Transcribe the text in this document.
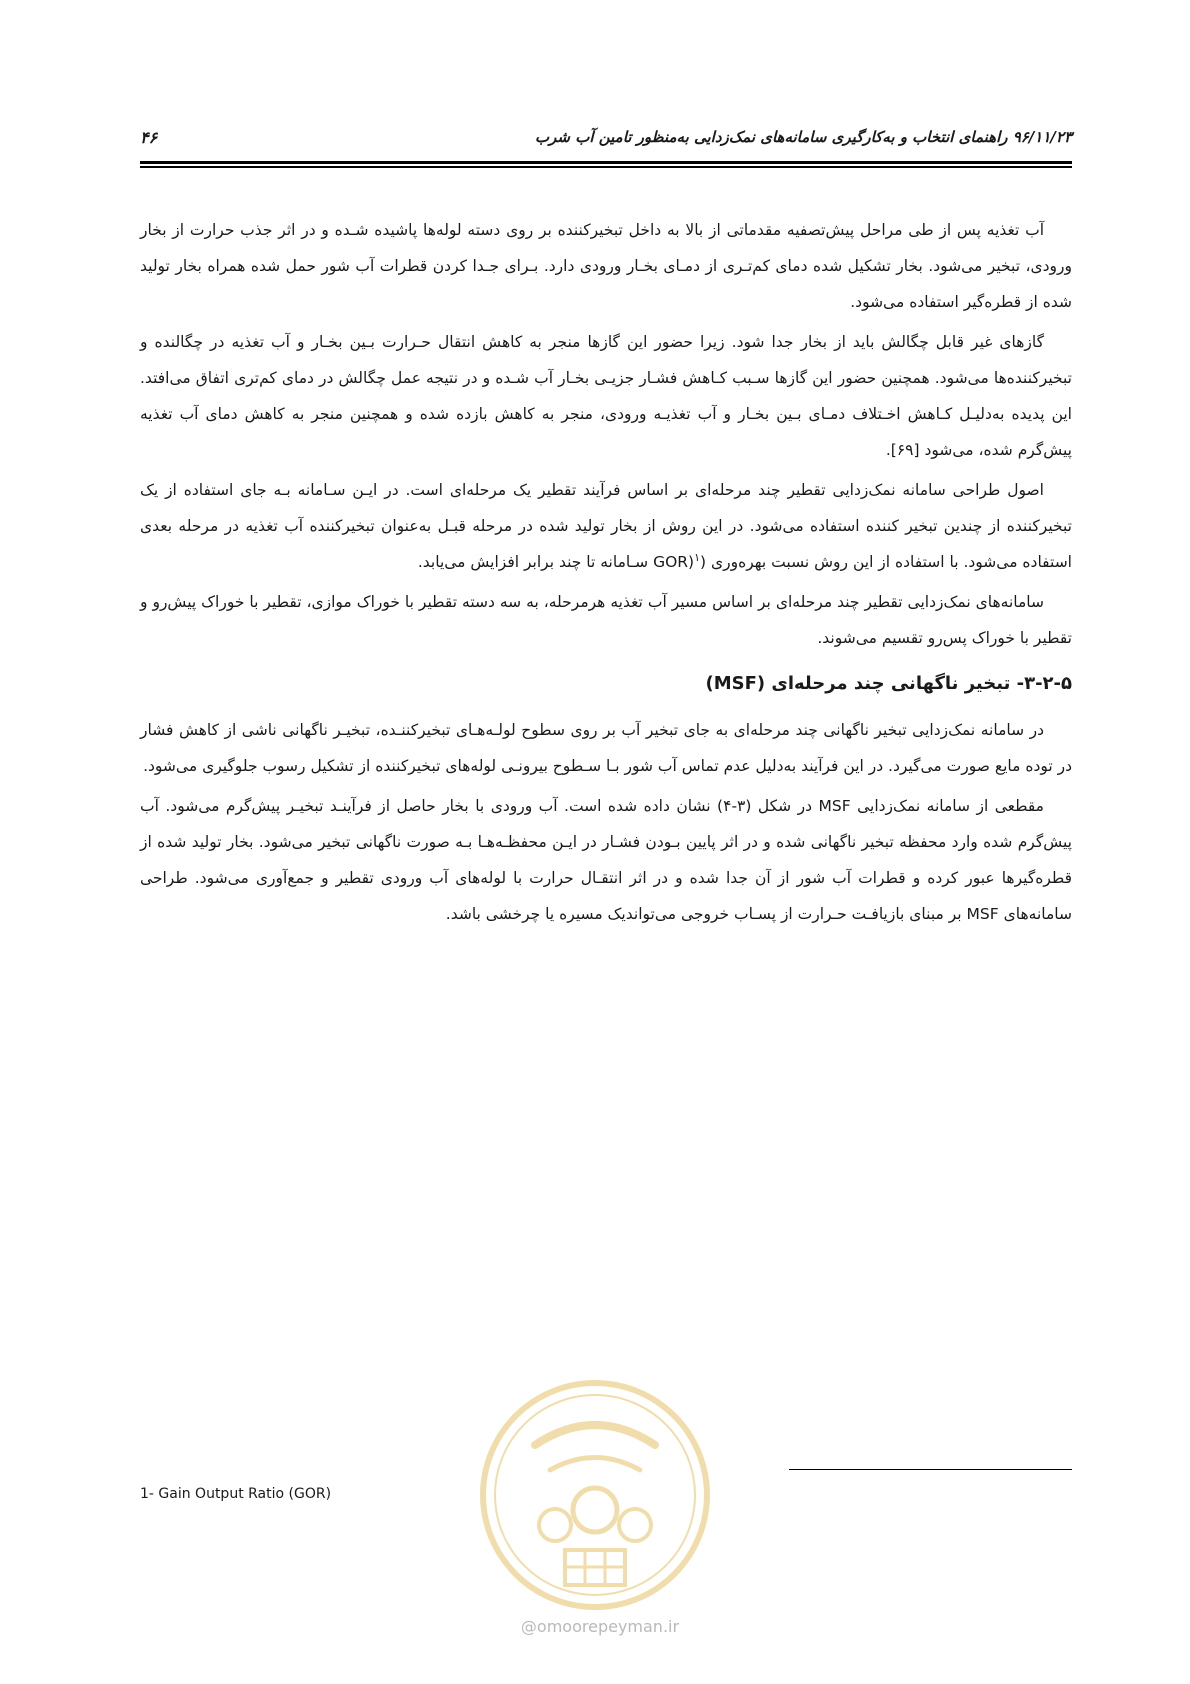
۴۶	۹۶/۱۱/۲۳ راهنمای انتخاب و به‌کارگیری سامانه‌های نمک‌زدایی به‌منظور تامین آب شرب

آب تغذیه پس از طی مراحل پیش‌تصفیه مقدماتی از بالا به داخل تبخیرکننده بر روی دسته لوله‌ها پاشیده شـده و در اثر جذب حرارت از بخار ورودی، تبخیر می‌شود. بخار تشکیل شده دمای کم‌تـری از دمـای بخـار ورودی دارد. بـرای جـدا کردن قطرات آب شور حمل شده همراه بخار تولید شده از قطره‌گیر استفاده می‌شود.

گازهای غیر قابل چگالش باید از بخار جدا شود. زیرا حضور این گازها منجر به کاهش انتقال حـرارت بـین بخـار و آب تغذیه در چگالنده و تبخیرکننده‌ها می‌شود. همچنین حضور این گازها سـبب کـاهش فشـار جزیـی بخـار آب شـده و در نتیجه عمل چگالش در دمای کم‌تری اتفاق می‌افتد. این پدیده به‌دلیـل کـاهش اخـتلاف دمـای بـین بخـار و آب تغذیـه ورودی، منجر به کاهش بازده شده و همچنین منجر به کاهش دمای آب تغذیه پیش‌گرم شده، می‌شود [۶۹].

اصول طراحی سامانه نمک‌زدایی تقطیر چند مرحله‌ای بر اساس فرآیند تقطیر یک مرحله‌ای است. در ایـن سـامانه بـه جای استفاده از یک تبخیرکننده از چندین تبخیر کننده استفاده می‌شود. در این روش از بخار تولید شده در مرحله قبـل به‌عنوان تبخیرکننده آب تغذیه در مرحله بعدی استفاده می‌شود. با استفاده از این روش نسبت بهره‌وری (GOR)$^۱$ سـامانه تا چند برابر افزایش می‌یابد.

سامانه‌های نمک‌زدایی تقطیر چند مرحله‌ای بر اساس مسیر آب تغذیه هرمرحله، به سه دسته تقطیر با خوراک موازی، تقطیر با خوراک پیش‌رو و تقطیر با خوراک پس‌رو تقسیم می‌شوند.

۳-۲-۵- تبخیر ناگهانی چند مرحله‌ای (MSF)

در سامانه نمک‌زدایی تبخیر ناگهانی چند مرحله‌ای به جای تبخیر آب بر روی سطوح لولـه‌هـای تبخیرکننـده، تبخیـر ناگهانی ناشی از کاهش فشار در توده مایع صورت می‌گیرد. در این فرآیند به‌دلیل عدم تماس آب شور بـا سـطوح بیرونـی لوله‌های تبخیرکننده از تشکیل رسوب جلوگیری می‌شود.

مقطعی از سامانه نمک‌زدایی MSF در شکل (۳-۴) نشان داده شده است. آب ورودی با بخار حاصل از فرآینـد تبخیـر پیش‌گرم می‌شود. آب پیش‌گرم شده وارد محفظه تبخیر ناگهانی شده و در اثر پایین بـودن فشـار در ایـن محفظـه‌هـا بـه صورت ناگهانی تبخیر می‌شود. بخار تولید شده از قطره‌گیرها عبور کرده و قطرات آب شور از آن جدا شده و در اثر انتقـال حرارت با لوله‌های آب ورودی تقطیر و جمع‌آوری می‌شود. طراحی سامانه‌های MSF بر مبنای بازیافـت حـرارت از پسـاب خروجی می‌تواندیک مسیره یا چرخشی باشد.

1- Gain Output Ratio (GOR)
@omoorepeyman.ir
